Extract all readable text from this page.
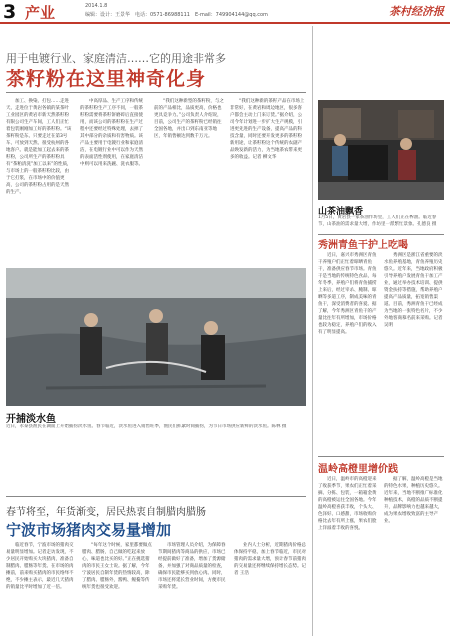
3 产业	2014.1.8
编辑：设计：王景华　电话：0571-86988111　E-mail：749904144@qq.com	茶村经济报
用于电镀行业、家庭清洁……它的用途非常多
茶籽粉在这里神奇化身

加工、换染、打包……走进天、走进位于黄岩各镇的某茶叶工业园区的黄岩市新天然茶籽粉有限公司生产车间，工人们正忙着包装刚刚加工好的茶籽粉。“该茶籽粉是东、只要走过在第3号车、可放到天然、很受杭州的各地客户。就是能加工起去来的茶籽粉，公司所生产的茶籽粉具有“茶粕清洗”加工以来”的性质，与市场上的一般茶籽粉比较，由于它打浆，在市场中的价值更高，公司的茶籽粉占用的是天然的生产。

中高厚品、生产工序和传统的茶籽粉生产工序不同，一般茶籽粉需要将茶籽饼磨碎后直接使用，而该公司的茶籽粉在生产过程中还要经过特殊处理，去掉了其中部分的杂质和有害物质。该产品主要用于电镀行业和家庭清洁，在电镀行业中可以作为天然的表面活性剂使用，在家庭清洁中则可以用来洗碗、洗衣服等。

“我们这种新型的茶籽粉，与之前的产品相比，品质更高，价格也更具竞争力。”公司负责人介绍说，目前，公司生产的茶籽粉已经销往全国各地，并出口到东南亚等地区，年销售额达到数千万元。

“我们这种新的茶籽产品在市场上非常好，在黄岩和周边地区，很多客户都会主动上门来订货。”据介绍，公司今年计划进一步扩大生产规模，引进更先进的生产设备，提高产品的科技含量，同时还要开发更多的茶籽粉新用途，让茶籽粉这个传统的农副产品焕发新的活力，为当地茶农带来更多的收益。记者 柳文华

山茶油飘香
1月5日，黄岩县一家茶油作坊里，工人们正在榨油。临近春节，山茶油的需求量大增，作坊里一派繁忙景象。孔德良 摄
秀洲青鱼干护上吃喝

近日，嘉兴市秀洲区青鱼干养殖户们正忙着晾晒青鱼干，准备供应春节市场。青鱼干是当地的传统特色食品，每年冬季，养殖户们将青鱼捕捞上来后，经过宰杀、腌制、晾晒等多道工序，制成美味的青鱼干，深受消费者的喜爱。据了解，今年秀洲区青鱼干的产量比往年有所增加，市场价格也较为稳定，养殖户们的收入有了明显提高。

秀洲区是浙江省重要的淡水鱼养殖基地，青鱼养殖历史悠久。近年来，当地政府积极引导养殖户发展青鱼干加工产业，通过举办技术培训、提供资金扶持等措施，帮助养殖户提高产品质量，拓宽销售渠道。目前，秀洲青鱼干已经成为当地的一张特色名片，不少外地客商慕名前来采购。记者 吴明

温岭高橙里增价践

近日，温岭市的高橙迎来了收获季节，果农们正忙着采摘、分拣、包装，一箱箱金黄的高橙被运往全国各地。今年温岭高橙喜获丰收，个头大、色泽好、口感甜，市场收购价格比去年有所上涨，果农们脸上洋溢着丰收的喜悦。

据了解，温岭高橙是当地的特色水果，种植历史悠久。近年来，当地不断推广标准化种植技术，高橙的品质不断提升，品牌影响力也越来越大，成为果农增收致富的主导产业。

开捕淡水鱼
近日，永泰县渔民在湖面上开始捕捞淡水鱼。春节临近，淡水鱼进入销售旺季，渔民们抓紧时间捕捞，为节日市场供应新鲜的淡水鱼。陈林 摄
春节将至，年货渐变，居民热衷自制腊肉腊肠
宁波市场猪肉交易量增加

临近春节，宁波市场的猪肉交易量明显增加。记者走访发现，不少居民开始购买大块猪肉，准备自制腊肉、腊肠等年货。在市场的肉摊前，前来购买猪肉的市民络绎不绝，不少摊主表示，最近几天猪肉的销量比平时增加了近一倍。

“每年这个时候，家里都要做点腊肉、腊肠，自己做的吃起来放心，味道也比买的好。”正在挑选猪肉的市民王女士说。据了解，今年宁波居民自制年货的热情较高，除了腊肉、腊肠外，酱鸭、鳗鲞等传统年货也很受欢迎。

市场管理人员介绍，为保障春节期间猪肉等商品的供应，市场已经提前做好了准备，增加了货源储备，并加强了对商品质量的检查，确保市民能够买到放心肉。同时，市场还将延长营业时间，方便市民采购年货。

业内人士分析，近期猪肉价格总体保持平稳，加上春节临近，市民对猪肉的需求量大增，预计春节前猪肉的交易量还将继续保持增长态势。记者 王浩
